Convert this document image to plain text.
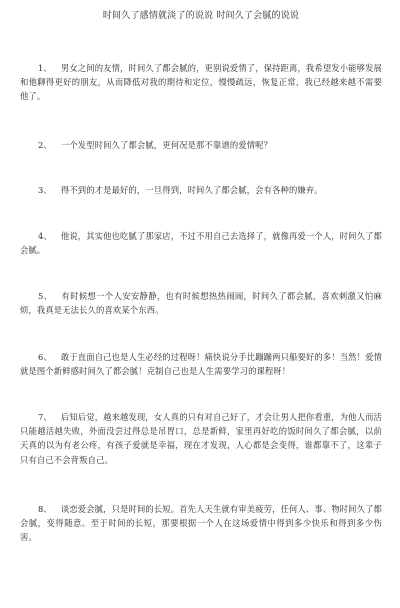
时间久了感情就淡了的说说 时间久了会腻的说说

1、 男女之间的友情，时间久了都会腻的，更别说爱情了，保持距离，我希望发小能够发展和他聊得更好的朋友，从而降低对我的期待和定位，慢慢疏远，恢复正常，我已经越来越不需要他了。

2、 一个发型时间久了都会腻，更何况是那不靠谱的爱情呢？

3、 得不到的才是最好的，一旦得到，时间久了都会腻，会有各种的嫌弃。

4、 他说，其实他也吃腻了那家店，不过不用自己去选择了，就像再爱一个人，时间久了都会腻。

5、 有时候想一个人安安静静，也有时候想热热闹闹，时间久了都会腻，喜欢刺激又怕麻烦，我真是无法长久的喜欢某个东西。

6、 敢于直面自己也是人生必经的过程呀！痛快说分手比蹦蹦两只船要好的多！当然！爱情就是图个新鲜感时间久了都会腻！克制自己也是人生需要学习的课程呀！

7、 后知后觉，越来越发现，女人真的只有对自己好了，才会让男人把你看重，为他人而活只能越活越失败，外面没尝过得总是吊胃口，总是新鲜，家里再好吃的饭时间久了都会腻，以前天真的以为有老公疼，有孩子爱就是幸福，现在才发现，人心都是会变得，谁都靠不了，这辈子只有自己不会背叛自己。

8、 谈恋爱会腻，只是时间的长短。首先人天生就有审美疲劳，任何人、事、物时间久了都会腻，变得随意。至于时间的长短，那要根据一个人在这场爱情中得到多少快乐和得到多少伤害。
